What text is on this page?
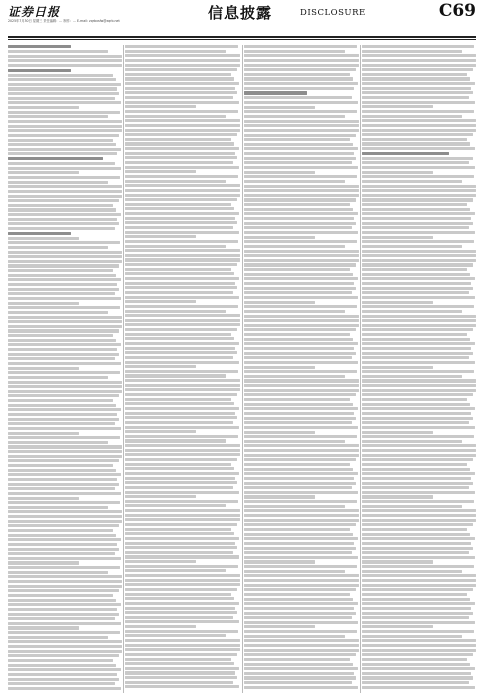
证券日报
2025年7月30日 星期三 责任编辑：... 制作：... E-mail: zqrbxsfw@zqrb.net	信息披露	DISCLOSURE	C69
